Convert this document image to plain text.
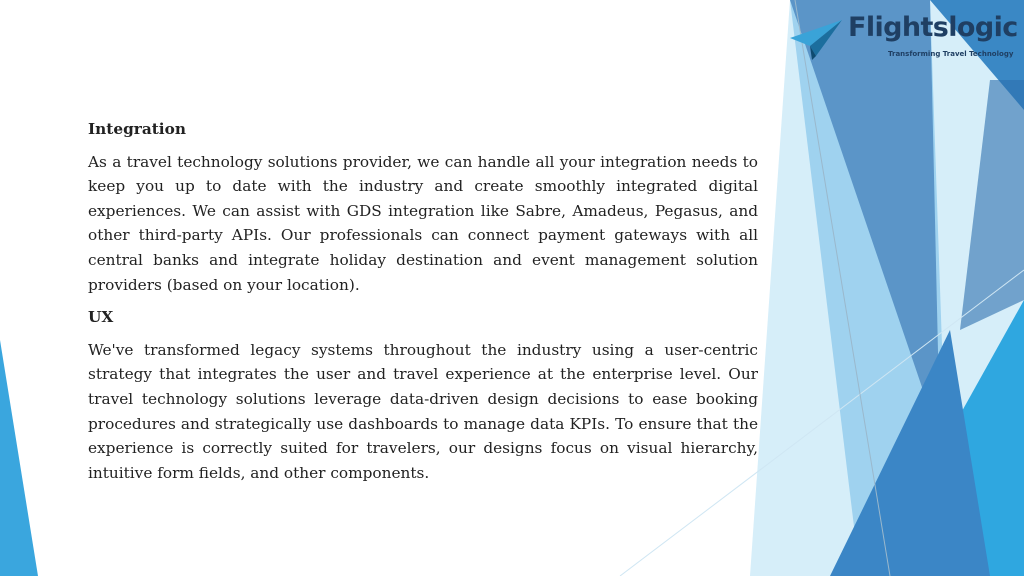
Flightslogic
Transforming Travel Technology
Integration

As a travel technology solutions provider, we can handle all your integration needs to keep you up to date with the industry and create smoothly integrated digital experiences. We can assist with GDS integration like Sabre, Amadeus, Pegasus, and other third-party APIs. Our professionals can connect payment gateways with all central banks and integrate holiday destination and event management solution providers (based on your location).

UX

We've transformed legacy systems throughout the industry using a user-centric strategy that integrates the user and travel experience at the enterprise level. Our travel technology solutions leverage data-driven design decisions to ease booking procedures and strategically use dashboards to manage data KPIs. To ensure that the experience is correctly suited for travelers, our designs focus on visual hierarchy, intuitive form fields, and other components.
